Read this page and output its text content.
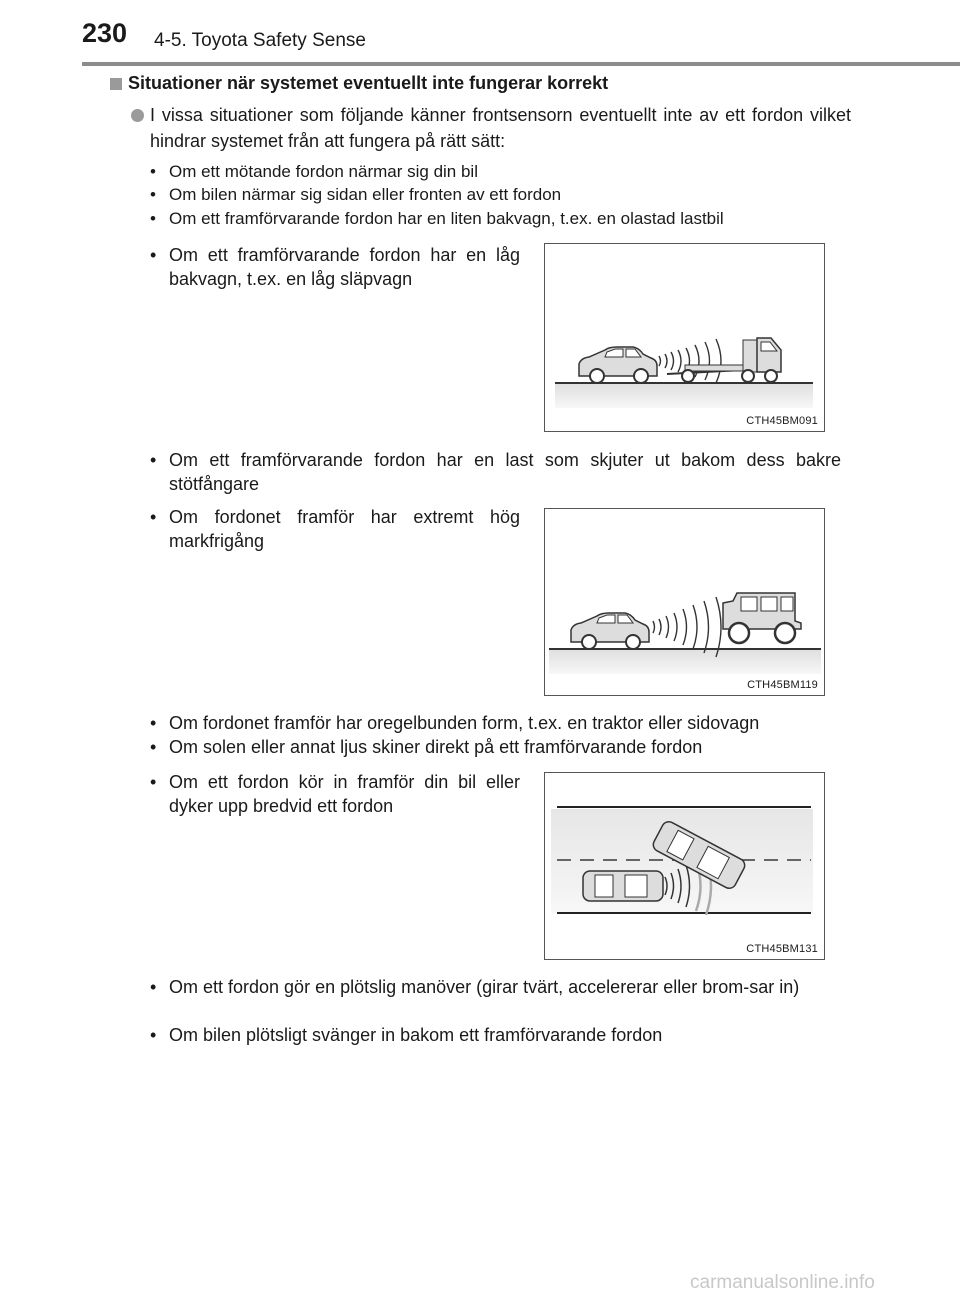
230 4-5. Toyota Safety Sense
Situationer när systemet eventuellt inte fungerar korrekt
I vissa situationer som följande känner frontsensorn eventuellt inte av ett fordon vilket hindrar systemet från att fungera på rätt sätt:
• Om ett mötande fordon närmar sig din bil
• Om bilen närmar sig sidan eller fronten av ett fordon
• Om ett framförvarande fordon har en liten bakvagn, t.ex. en olastad lastbil
• Om ett framförvarande fordon har en låg bakvagn, t.ex. en låg släpvagn
CTH45BM091
• Om ett framförvarande fordon har en last som skjuter ut bakom dess bakre stötfångare
• Om fordonet framför har extremt hög markfrigång
CTH45BM119
• Om fordonet framför har oregelbunden form, t.ex. en traktor eller sidovagn
• Om solen eller annat ljus skiner direkt på ett framförvarande fordon
• Om ett fordon kör in framför din bil eller dyker upp bredvid ett fordon
CTH45BM131
• Om ett fordon gör en plötslig manöver (girar tvärt, accelererar eller brom-sar in)
• Om bilen plötsligt svänger in bakom ett framförvarande fordon
carmanualsonline.info
